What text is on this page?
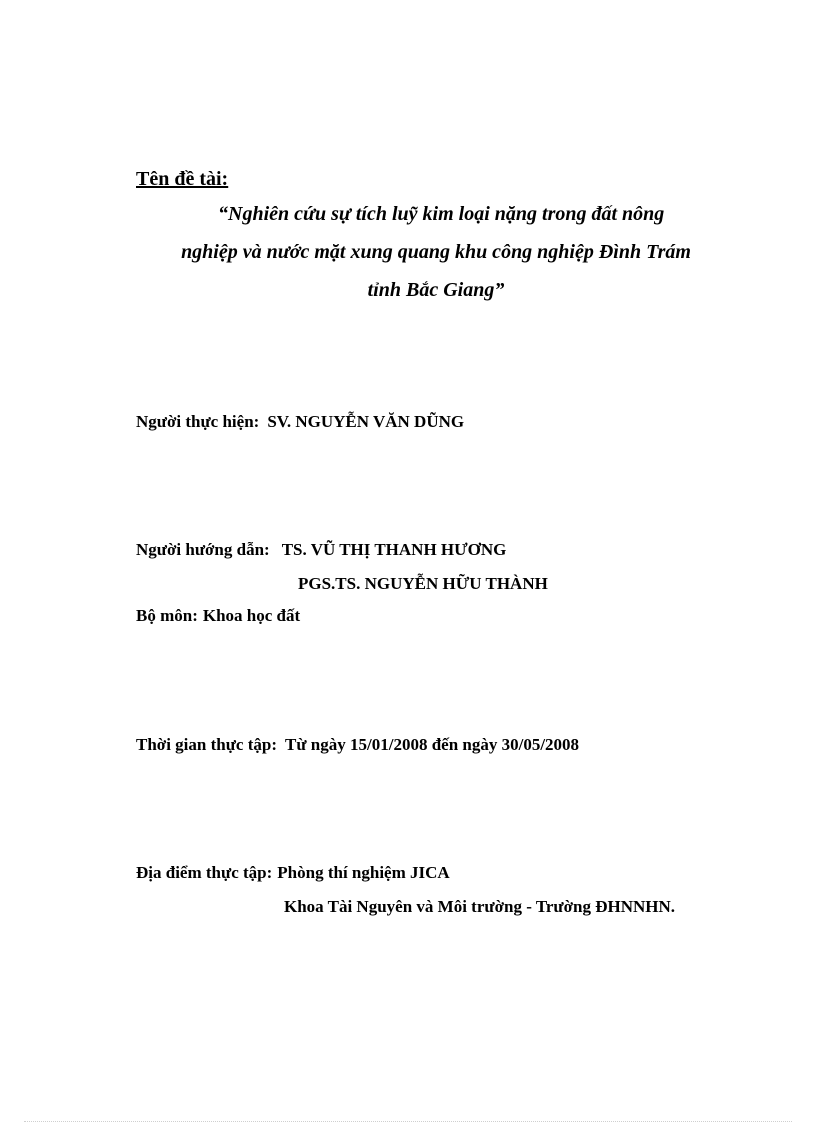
Tên đề tài:
“Nghiên cứu sự tích luỹ kim loại nặng trong đất nông
nghiệp và nước mặt xung quang khu công nghiệp Đình Trám
tỉnh Bắc Giang”
Người thực hiện: SV. NGUYỄN VĂN DŨNG
Người hướng dẫn: TS. VŨ THỊ THANH HƯƠNG
PGS.TS. NGUYỄN HỮU THÀNH
Bộ môn: Khoa học đất
Thời gian thực tập: Từ ngày 15/01/2008 đến ngày 30/05/2008
Địa điểm thực tập: Phòng thí nghiệm JICA
Khoa Tài Nguyên và Môi trường - Trường ĐHNNHN.
